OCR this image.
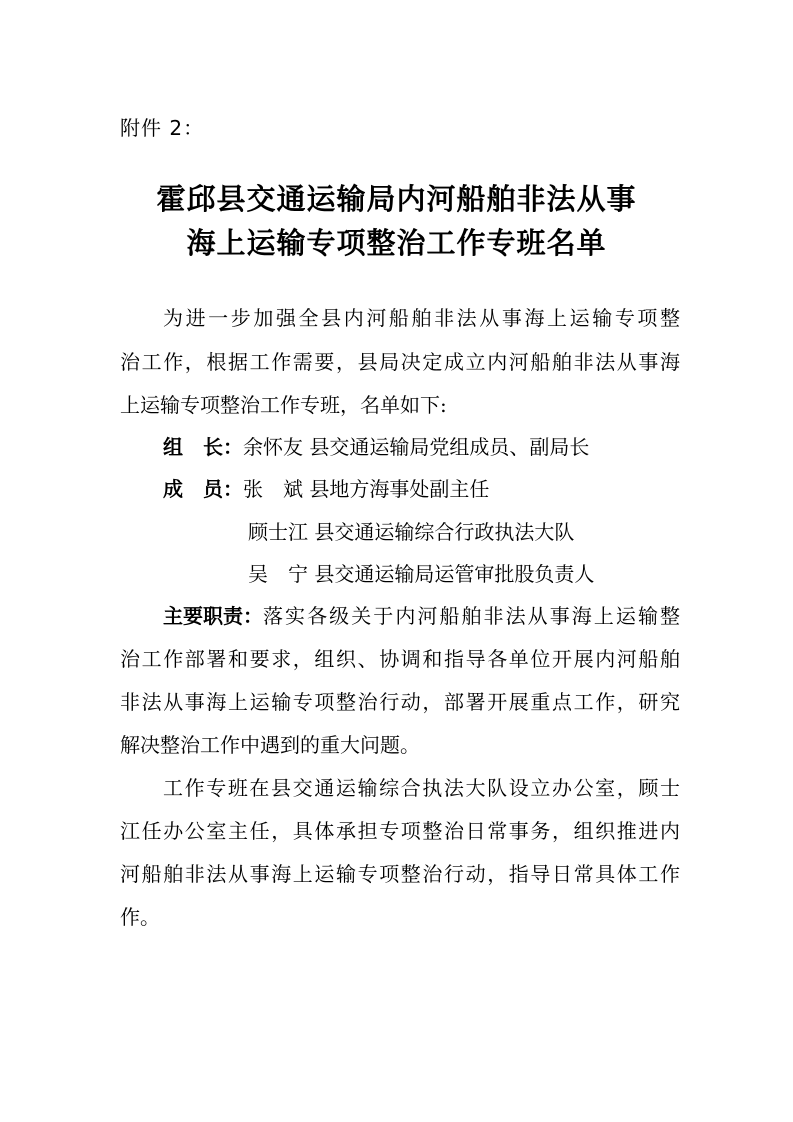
附件 2：
霍邱县交通运输局内河船舶非法从事
海上运输专项整治工作专班名单
为进一步加强全县内河船舶非法从事海上运输专项整
治工作，根据工作需要，县局决定成立内河船舶非法从事海
上运输专项整治工作专班，名单如下:
组　长：余怀友 县交通运输局党组成员、副局长
成　员：张　斌 县地方海事处副主任
顾士江 县交通运输综合行政执法大队
吴　宁 县交通运输局运管审批股负责人
主要职责： 落实各级关于内河船舶非法从事海上运输整
治工作部署和要求，组织、协调和指导各单位开展内河船舶
非法从事海上运输专项整治行动，部署开展重点工作，研究
解决整治工作中遇到的重大问题。
工作专班在县交通运输综合执法大队设立办公室，顾士
江任办公室主任，具体承担专项整治日常事务，组织推进内
河船舶非法从事海上运输专项整治行动，指导日常具体工作
作。
